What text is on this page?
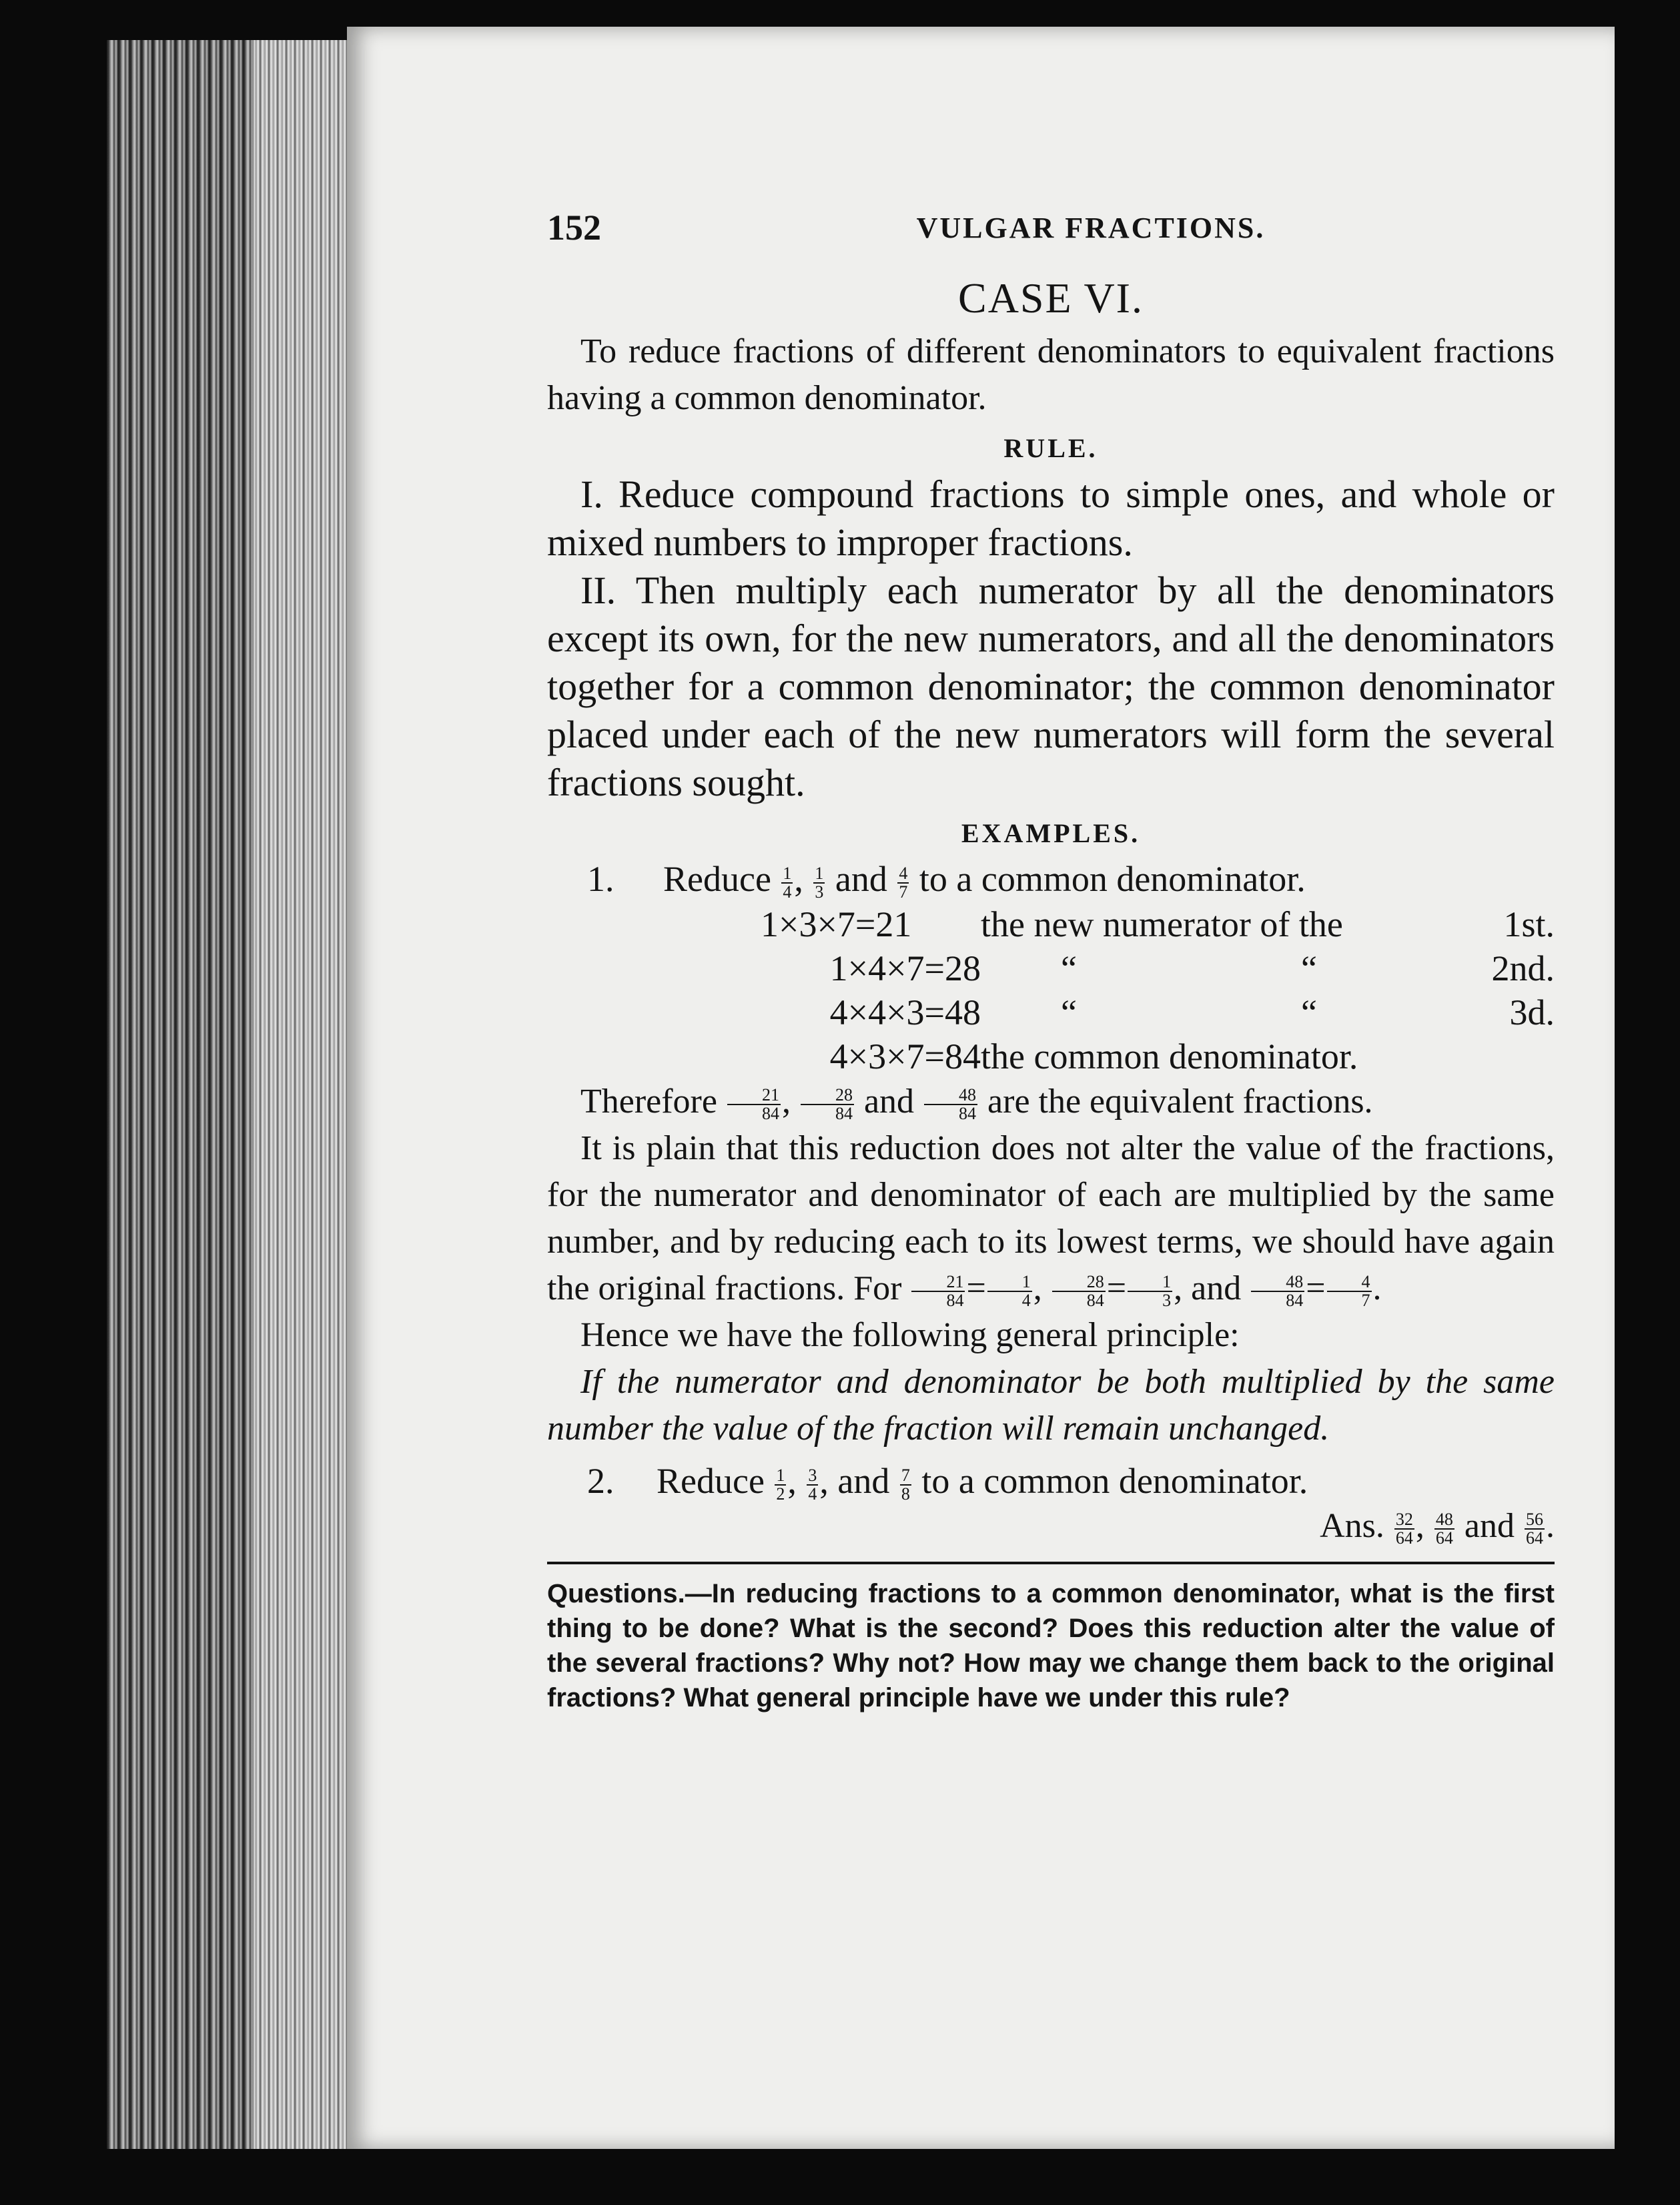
152	VULGAR FRACTIONS.
CASE VI.

To reduce fractions of different denominators to equivalent fractions having a common denominator.

RULE.

I. Reduce compound fractions to simple ones, and whole or mixed numbers to improper fractions.

II. Then multiply each numerator by all the denominators except its own, for the new numerators, and all the denominators together for a common denominator; the common denominator placed under each of the new numerators will form the several fractions sought.

EXAMPLES.

1. Reduce $\frac{1}{4}$ , $\frac{1}{3}$ and $\frac{4}{7}$ to a common denominator.

1×3×7=21	the new numerator of the	1st.
1×4×7=28	“	“	2nd.
4×4×3=48	“	“	3d.
4×3×7=84 the common denominator.

Therefore $\frac{21}{84}$ , $\frac{28}{84}$ and $\frac{48}{84}$ are the equivalent fractions.

It is plain that this reduction does not alter the value of the fractions, for the numerator and denominator of each are multiplied by the same number, and by reducing each to its lowest terms, we should have again the original fractions. For $\frac{21}{84} = \frac{1}{4}$ , $\frac{28}{84} = \frac{1}{3}$ , and $\frac{48}{84} = \frac{4}{7}$ .

Hence we have the following general principle:

If the numerator and denominator be both multiplied by the same number the value of the fraction will remain unchanged.

2. Reduce $\frac{1}{2}$ , $\frac{3}{4}$ , and $\frac{7}{8}$ to a common denominator.

Ans. $\frac{32}{64}$ , $\frac{48}{64}$ and $\frac{56}{64}$ .

Questions.—In reducing fractions to a common denominator, what is the first thing to be done? What is the second? Does this reduction alter the value of the several fractions? Why not? How may we change them back to the original fractions? What general principle have we under this rule?
